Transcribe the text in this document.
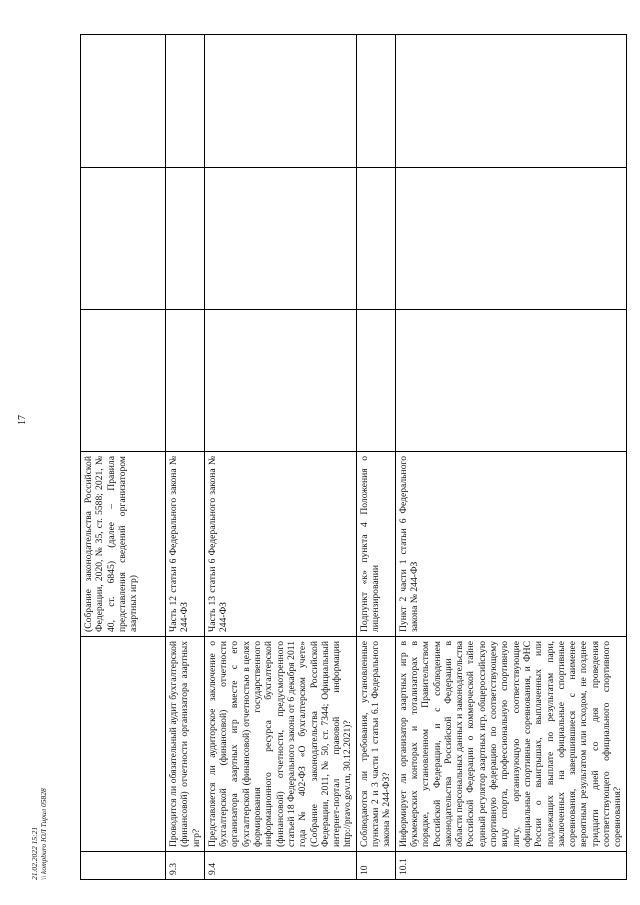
17
21.02.2022 15:21 \\ kompburo ЮЛ Тирил 05828
		(Собрание законодательства Российской Федерации, 2020, № 35, ст. 5588; 2021, № 40, ст. 6845) (далее – Правила представления сведений организатором азартных игр)			
9.3	Проводится ли обязательный аудит бухгалтерской (финансовой) отчетности организатора азартных игр?	Часть 12 статьи 6 Федерального закона № 244-ФЗ			
9.4	Представляется ли аудиторское заключение о бухгалтерской (финансовой) отчетности организатора азартных игр вместе с его бухгалтерской (финансовой) отчетностью в целях формирования государственного информационного ресурса бухгалтерской (финансовой) отчетности, предусмотренного статьей 18 Федерального закона от 6 декабря 2011 года № 402-ФЗ «О бухгалтерском учете» (Собрание законодательства Российской Федерации, 2011, № 50, ст. 7344; Официальный интернет-портал правовой информации http://pravo.gov.ru, 30.12.2021)?	Часть 13 статьи 6 Федерального закона № 244-ФЗ			
10	Соблюдаются ли требования, установленные пунктами 2 и 3 части 1 статьи 6.1 Федерального закона № 244-ФЗ?	Подпункт «к» пункта 4 Положения о лицензировании			
10.1	Информирует ли организатор азартных игр в букмекерских конторах и тотализаторах в порядке, установленном Правительством Российской Федерации, и с соблюдением законодательства Российской Федерации в области персональных данных и законодательства Российской Федерации о коммерческой тайне единый регулятор азартных игр, общероссийскую спортивную федерацию по соответствующему виду спорта, профессиональную спортивную лигу, организующую соответствующие официальные спортивные соревнования, и ФНС России о выигрышах, выплаченных или подлежащих выплате по результатам пари, заключенных на официальные спортивные соревнования, завершившиеся с наименее вероятным результатом или исходом, не позднее тридцати дней со дня проведения соответствующего официального спортивного соревнования?	Пункт 2 части 1 статьи 6 Федерального закона № 244-ФЗ			
